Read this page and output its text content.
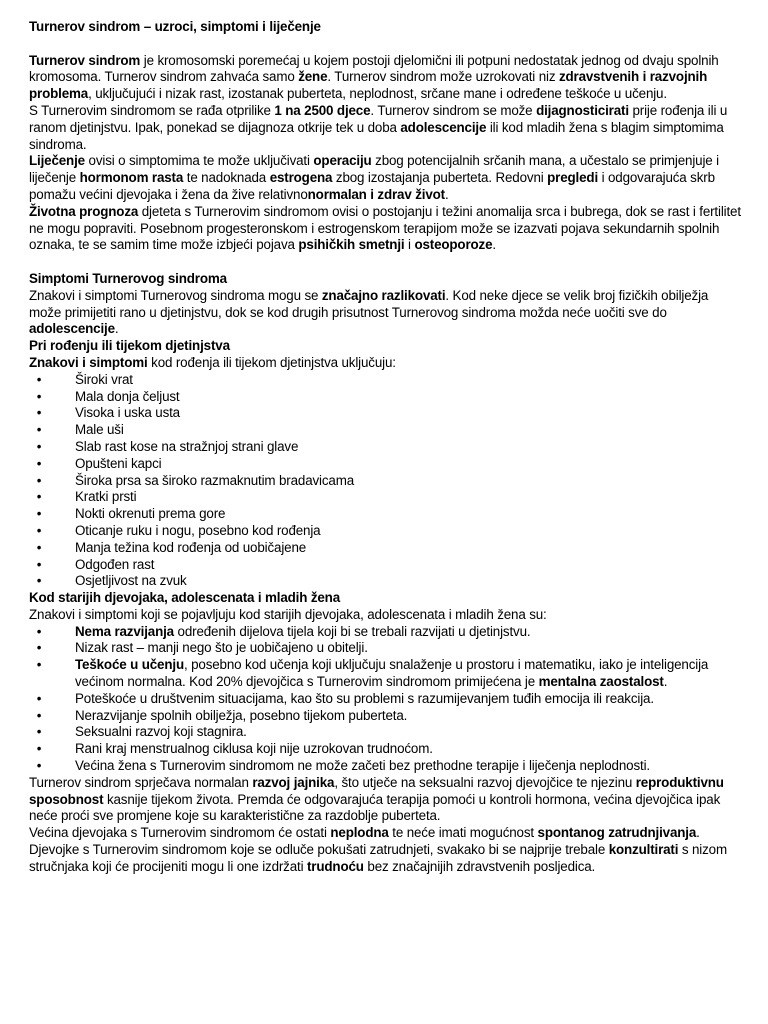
Turnerov sindrom – uzroci, simptomi i liječenje

Turnerov sindrom je kromosomski poremećaj u kojem postoji djelomični ili potpuni nedostatak jednog od dvaju spolnih kromosoma. Turnerov sindrom zahvaća samo žene. Turnerov sindrom može uzrokovati niz zdravstvenih i razvojnih problema, uključujući i nizak rast, izostanak puberteta, neplodnost, srčane mane i određene teškoće u učenju.

S Turnerovim sindromom se rađa otprilike 1 na 2500 djece. Turnerov sindrom se može dijagnosticirati prije rođenja ili u ranom djetinjstvu. Ipak, ponekad se dijagnoza otkrije tek u doba adolescencije ili kod mladih žena s blagim simptomima sindroma.

Liječenje ovisi o simptomima te može uključivati operaciju zbog potencijalnih srčanih mana, a učestalo se primjenjuje i liječenje hormonom rasta te nadoknada estrogena zbog izostajanja puberteta. Redovni pregledi i odgovarajuća skrb pomažu većini djevojaka i žena da žive relativnonormalan i zdrav život.

Životna prognoza djeteta s Turnerovim sindromom ovisi o postojanju i težini anomalija srca i bubrega, dok se rast i fertilitet ne mogu popraviti. Posebnom progesteronskom i estrogenskom terapijom može se izazvati pojava sekundarnih spolnih oznaka, te se samim time može izbjeći pojava psihičkih smetnji i osteoporoze.

Simptomi Turnerovog sindroma

Znakovi i simptomi Turnerovog sindroma mogu se značajno razlikovati. Kod neke djece se velik broj fizičkih obilježja može primijetiti rano u djetinjstvu, dok se kod drugih prisutnost Turnerovog sindroma možda neće uočiti sve do adolescencije.

Pri rođenju ili tijekom djetinjstva

Znakovi i simptomi kod rođenja ili tijekom djetinjstva uključuju:

•	Široki vrat
•	Mala donja čeljust
•	Visoka i uska usta
•	Male uši
•	Slab rast kose na stražnjoj strani glave
•	Opušteni kapci
•	Široka prsa sa široko razmaknutim bradavicama
•	Kratki prsti
•	Nokti okrenuti prema gore
•	Oticanje ruku i nogu, posebno kod rođenja
•	Manja težina kod rođenja od uobičajene
•	Odgođen rast
•	Osjetljivost na zvuk

Kod starijih djevojaka, adolescenata i mladih žena

Znakovi i simptomi koji se pojavljuju kod starijih djevojaka, adolescenata i mladih žena su:

•	Nema razvijanja određenih dijelova tijela koji bi se trebali razvijati u djetinjstvu.
•	Nizak rast – manji nego što je uobičajeno u obitelji.
•	Teškoće u učenju, posebno kod učenja koji uključuju snalaženje u prostoru i matematiku, iako je inteligencija većinom normalna. Kod 20% djevojčica s Turnerovim sindromom primijećena je mentalna zaostalost.
•	Poteškoće u društvenim situacijama, kao što su problemi s razumijevanjem tuđih emocija ili reakcija.
•	Nerazvijanje spolnih obilježja, posebno tijekom puberteta.
•	Seksualni razvoj koji stagnira.
•	Rani kraj menstrualnog ciklusa koji nije uzrokovan trudnoćom.
•	Većina žena s Turnerovim sindromom ne može začeti bez prethodne terapije i liječenja neplodnosti.

Turnerov sindrom sprječava normalan razvoj jajnika, što utječe na seksualni razvoj djevojčice te njezinu reproduktivnu sposobnost kasnije tijekom života. Premda će odgovarajuća terapija pomoći u kontroli hormona, većina djevojčica ipak neće proći sve promjene koje su karakteristične za razdoblje puberteta.

Većina djevojaka s Turnerovim sindromom će ostati neplodna te neće imati mogućnost spontanog zatrudnjivanja. Djevojke s Turnerovim sindromom koje se odluče pokušati zatrudnjeti, svakako bi se najprije trebale konzultirati s nizom stručnjaka koji će procijeniti mogu li one izdržati trudnoću bez značajnijih zdravstvenih posljedica.
